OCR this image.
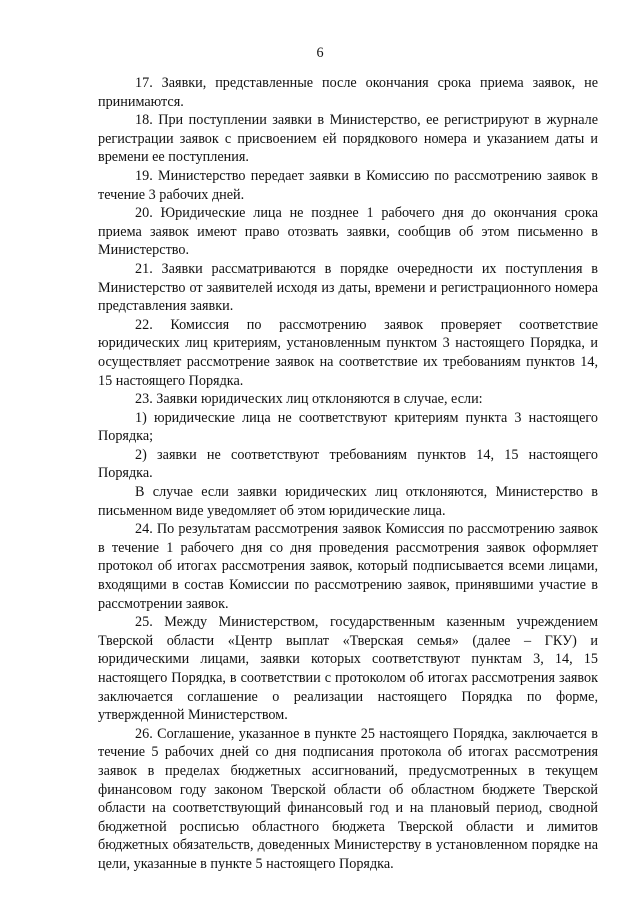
6

17. Заявки, представленные после окончания срока приема заявок, не принимаются.

18. При поступлении заявки в Министерство, ее регистрируют в журнале регистрации заявок с присвоением ей порядкового номера и указанием даты и времени ее поступления.

19. Министерство передает заявки в Комиссию по рассмотрению заявок в течение 3 рабочих дней.

20. Юридические лица не позднее 1 рабочего дня до окончания срока приема заявок имеют право отозвать заявки, сообщив об этом письменно в Министерство.

21. Заявки рассматриваются в порядке очередности их поступления в Министерство от заявителей исходя из даты, времени и регистрационного номера представления заявки.

22. Комиссия по рассмотрению заявок проверяет соответствие юридических лиц критериям, установленным пунктом 3 настоящего Порядка, и осуществляет рассмотрение заявок на соответствие их требованиям пунктов 14, 15 настоящего Порядка.

23. Заявки юридических лиц отклоняются в случае, если:

1) юридические лица не соответствуют критериям пункта 3 настоящего Порядка;

2) заявки не соответствуют требованиям пунктов 14, 15 настоящего Порядка.

В случае если заявки юридических лиц отклоняются, Министерство в письменном виде уведомляет об этом юридические лица.

24. По результатам рассмотрения заявок Комиссия по рассмотрению заявок в течение 1 рабочего дня со дня проведения рассмотрения заявок оформляет протокол об итогах рассмотрения заявок, который подписывается всеми лицами, входящими в состав Комиссии по рассмотрению заявок, принявшими участие в рассмотрении заявок.

25. Между Министерством, государственным казенным учреждением Тверской области «Центр выплат «Тверская семья» (далее – ГКУ) и юридическими лицами, заявки которых соответствуют пунктам 3, 14, 15 настоящего Порядка, в соответствии с протоколом об итогах рассмотрения заявок заключается соглашение о реализации настоящего Порядка по форме, утвержденной Министерством.

26. Соглашение, указанное в пункте 25 настоящего Порядка, заключается в течение 5 рабочих дней со дня подписания протокола об итогах рассмотрения заявок в пределах бюджетных ассигнований, предусмотренных в текущем финансовом году законом Тверской области об областном бюджете Тверской области на соответствующий финансовый год и на плановый период, сводной бюджетной росписью областного бюджета Тверской области и лимитов бюджетных обязательств, доведенных Министерству в установленном порядке на цели, указанные в пункте 5 настоящего Порядка.
